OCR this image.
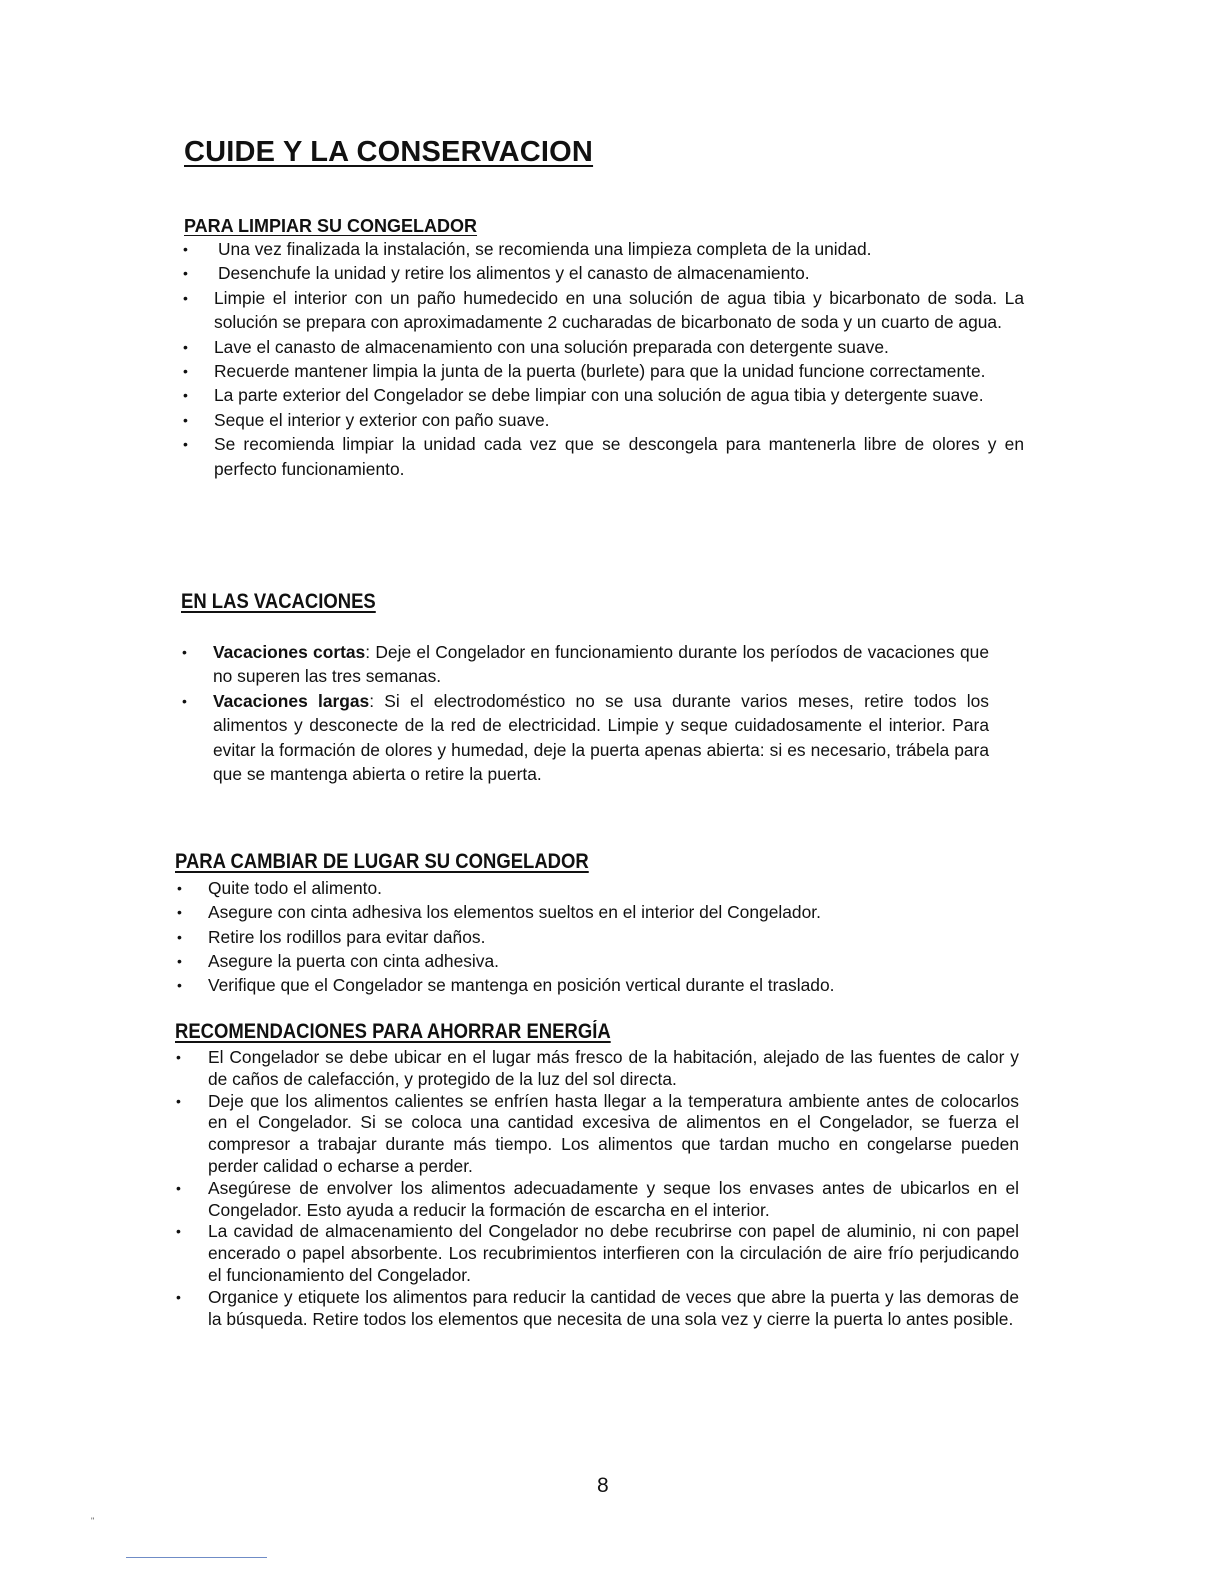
CUIDE Y LA CONSERVACION
PARA LIMPIAR SU CONGELADOR
• Una vez finalizada la instalación, se recomienda una limpieza completa de la unidad.
• Desenchufe la unidad y retire los alimentos y el canasto de almacenamiento.
• Limpie el interior con un paño humedecido en una solución de agua tibia y bicarbonato de soda. La solución se prepara con aproximadamente 2 cucharadas de bicarbonato de soda y un cuarto de agua.
• Lave el canasto de almacenamiento con una solución preparada con detergente suave.
• Recuerde mantener limpia la junta de la puerta (burlete) para que la unidad funcione correctamente.
• La parte exterior del Congelador se debe limpiar con una solución de agua tibia y detergente suave.
• Seque el interior y exterior con paño suave.
• Se recomienda limpiar la unidad cada vez que se descongela para mantenerla libre de olores y en perfecto funcionamiento.
EN LAS VACACIONES
• Vacaciones cortas: Deje el Congelador en funcionamiento durante los períodos de vacaciones que no superen las tres semanas.
• Vacaciones largas: Si el electrodoméstico no se usa durante varios meses, retire todos los alimentos y desconecte de la red de electricidad. Limpie y seque cuidadosamente el interior. Para evitar la formación de olores y humedad, deje la puerta apenas abierta: si es necesario, trábela para que se mantenga abierta o retire la puerta.
PARA CAMBIAR DE LUGAR SU CONGELADOR
• Quite todo el alimento.
• Asegure con cinta adhesiva los elementos sueltos en el interior del Congelador.
• Retire los rodillos para evitar daños.
• Asegure la puerta con cinta adhesiva.
• Verifique que el Congelador se mantenga en posición vertical durante el traslado.
RECOMENDACIONES PARA AHORRAR ENERGÍA
• El Congelador se debe ubicar en el lugar más fresco de la habitación, alejado de las fuentes de calor y de caños de calefacción, y protegido de la luz del sol directa.
• Deje que los alimentos calientes se enfríen hasta llegar a la temperatura ambiente antes de colocarlos en el Congelador. Si se coloca una cantidad excesiva de alimentos en el Congelador, se fuerza el compresor a trabajar durante más tiempo. Los alimentos que tardan mucho en congelarse pueden perder calidad o echarse a perder.
• Asegúrese de envolver los alimentos adecuadamente y seque los envases antes de ubicarlos en el Congelador. Esto ayuda a reducir la formación de escarcha en el interior.
• La cavidad de almacenamiento del Congelador no debe recubrirse con papel de aluminio, ni con papel encerado o papel absorbente. Los recubrimientos interfieren con la circulación de aire frío perjudicando el funcionamiento del Congelador.
• Organice y etiquete los alimentos para reducir la cantidad de veces que abre la puerta y las demoras de la búsqueda. Retire todos los elementos que necesita de una sola vez y cierre la puerta lo antes posible.

8

"
